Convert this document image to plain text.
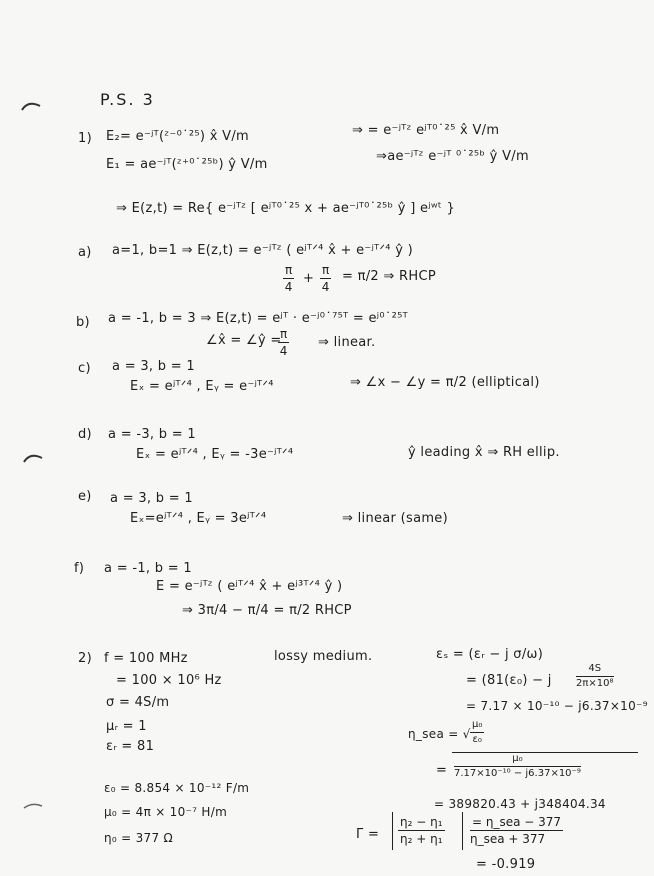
P.S. 3
1) E₂= e⁻ʲᵀ(ᶻ⁻⁰˙²⁵) x̂ V/m	⇒ = e⁻ʲᵀᶻ eʲᵀ⁰˙²⁵ x̂ V/m
E₁ = ae⁻ʲᵀ(ᶻ⁺⁰˙²⁵ᵇ) ŷ V/m
⇒ae⁻ʲᵀᶻ e⁻ʲᵀ ⁰˙²⁵ᵇ ŷ V/m
⇒ E(z,t) = Re{ e⁻ʲᵀᶻ [ eʲᵀ⁰˙²⁵ x + ae⁻ʲᵀ⁰˙²⁵ᵇ ŷ ] eʲʷᵗ }
a) a=1, b=1 ⇒ E(z,t) = e⁻ʲᵀᶻ ( eʲᵀᐟ⁴ x̂ + e⁻ʲᵀᐟ⁴ ŷ )
$\frac{\pi}{4} + \frac{\pi}{4} = \pi/2$ ⇒ RHCP
b) a = -1, b = 3 ⇒ E(z,t) = eʲᵀ · e⁻ʲ⁰˙⁷⁵ᵀ = eʲ⁰˙²⁵ᵀ
∠x̂ = ∠ŷ =
$\frac{\pi}{4}$ ⇒ linear.
c) a = 3, b = 1
Eₓ = eʲᵀᐟ⁴ , Eᵧ = e⁻ʲᵀᐟ⁴	⇒ ∠x − ∠y = π/2 (elliptical)
d) a = -3, b = 1
Eₓ = eʲᵀᐟ⁴ , Eᵧ = -3e⁻ʲᵀᐟ⁴	ŷ leading x̂ ⇒ RH ellip.
e) a = 3, b = 1
Eₓ=eʲᵀᐟ⁴ , Eᵧ = 3eʲᵀᐟ⁴	⇒ linear (same)
f) a = -1, b = 1
E = e⁻ʲᵀᶻ ( eʲᵀᐟ⁴ x̂ + eʲ³ᵀᐟ⁴ ŷ )
⇒ 3π/4 − π/4 = π/2 RHCP
2) f = 100 MHz
= 100 × 10⁶ Hz
σ = 4S/m
μᵣ = 1
εᵣ = 81
ε₀ = 8.854 × 10⁻¹² F/m
μ₀ = 4π × 10⁻⁷ H/m
η₀ = 377 Ω
lossy medium.	εₛ = (εᵣ − j σ/ω)
= (81(ε₀) − j $\frac{4S}{\text{2π×10⁸}}$
= 7.17 × 10⁻¹⁰ − j6.37×10⁻⁹
η_sea = √ $\frac{\text{μ₀}}{\text{ε₀}}$
= $\frac{\text{μ₀}}{\text{7.17×10⁻¹⁰ − j6.37×10⁻⁹}}$
= 389820.43 + j348404.34
$\Gamma = \frac{\text{η₂ − η₁}}{\text{η₂ + η₁}}$ = η_sea − 377
η_sea + 377
= -0.919
